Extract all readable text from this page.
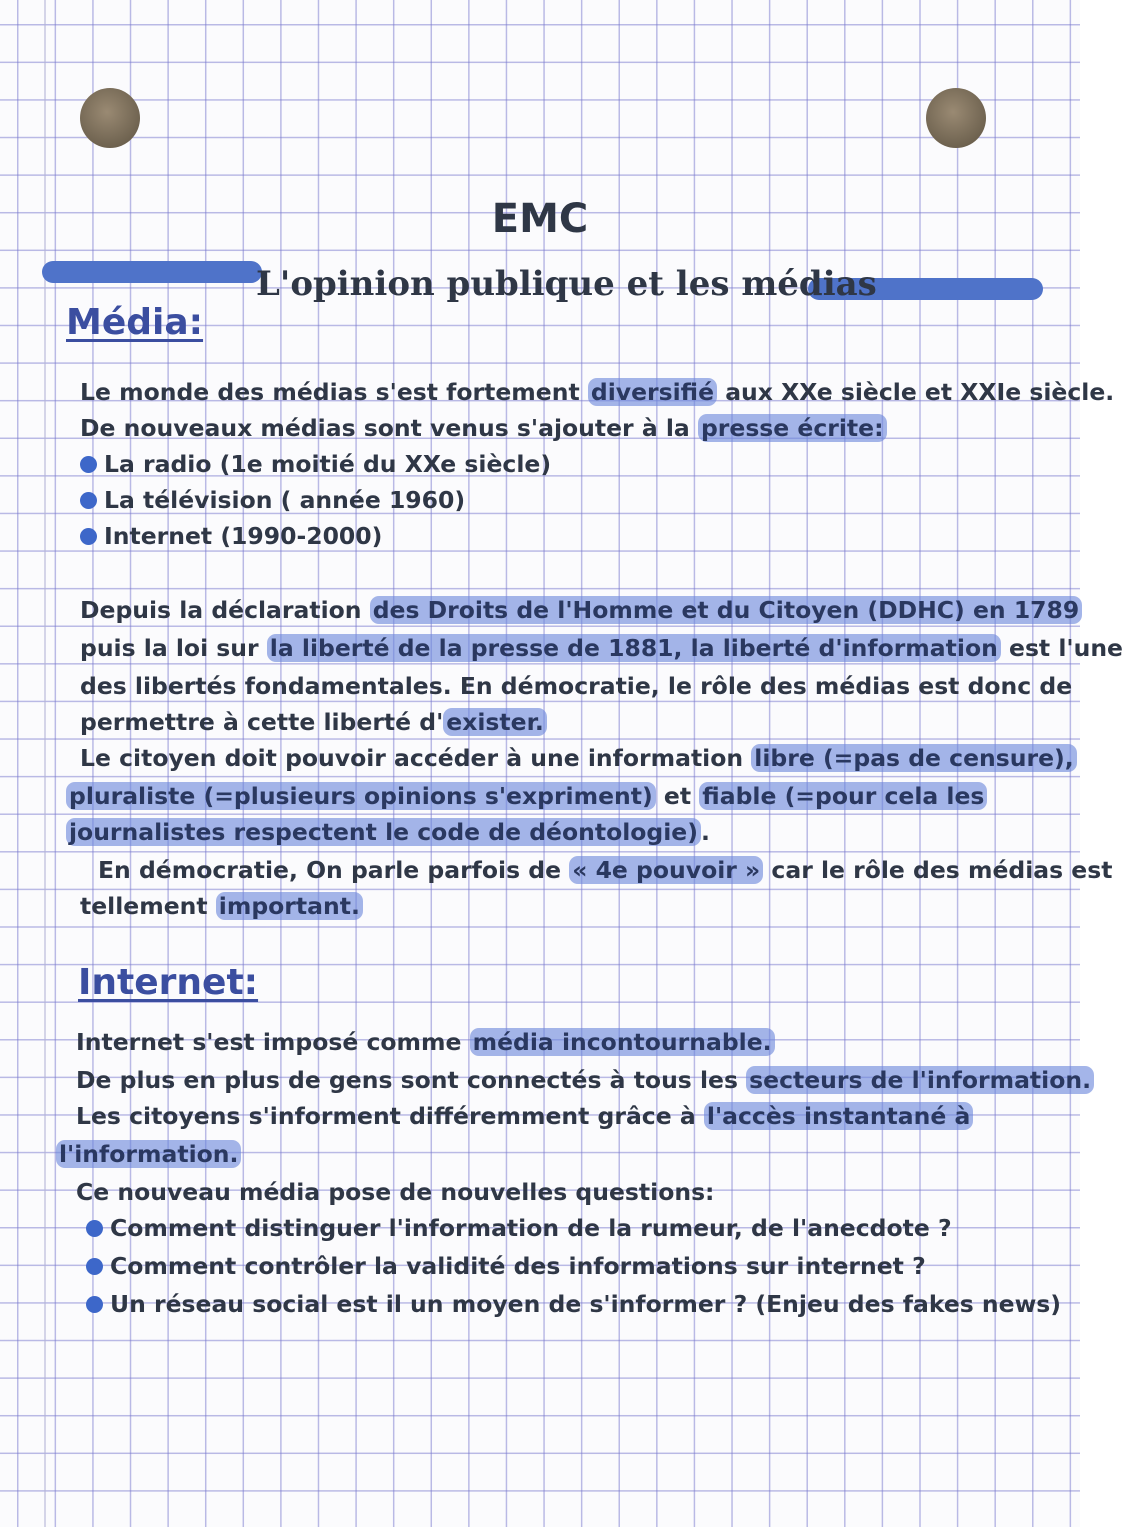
EMC
L'opinion publique et les médias
Média:

Le monde des médias s'est fortement diversifié aux XXe siècle et XXIe siècle.

De nouveaux médias sont venus s'ajouter à la presse écrite:

La radio (1e moitié du XXe siècle)

La télévision ( année 1960)

Internet (1990-2000)

Depuis la déclaration des Droits de l'Homme et du Citoyen (DDHC) en 1789

puis la loi sur la liberté de la presse de 1881, la liberté d'information est l'une

des libertés fondamentales. En démocratie, le rôle des médias est donc de

permettre à cette liberté d' exister.

Le citoyen doit pouvoir accéder à une information libre (=pas de censure),

pluraliste (=plusieurs opinions s'expriment) et fiable (=pour cela les

journalistes respectent le code de déontologie) .

En démocratie, On parle parfois de « 4e pouvoir » car le rôle des médias est

tellement important.

Internet:

Internet s'est imposé comme média incontournable.

De plus en plus de gens sont connectés à tous les secteurs de l'information.

Les citoyens s'informent différemment grâce à l'accès instantané à

l'information.

Ce nouveau média pose de nouvelles questions:

Comment distinguer l'information de la rumeur, de l'anecdote ?

Comment contrôler la validité des informations sur internet ?

Un réseau social est il un moyen de s'informer ? (Enjeu des fakes news)
